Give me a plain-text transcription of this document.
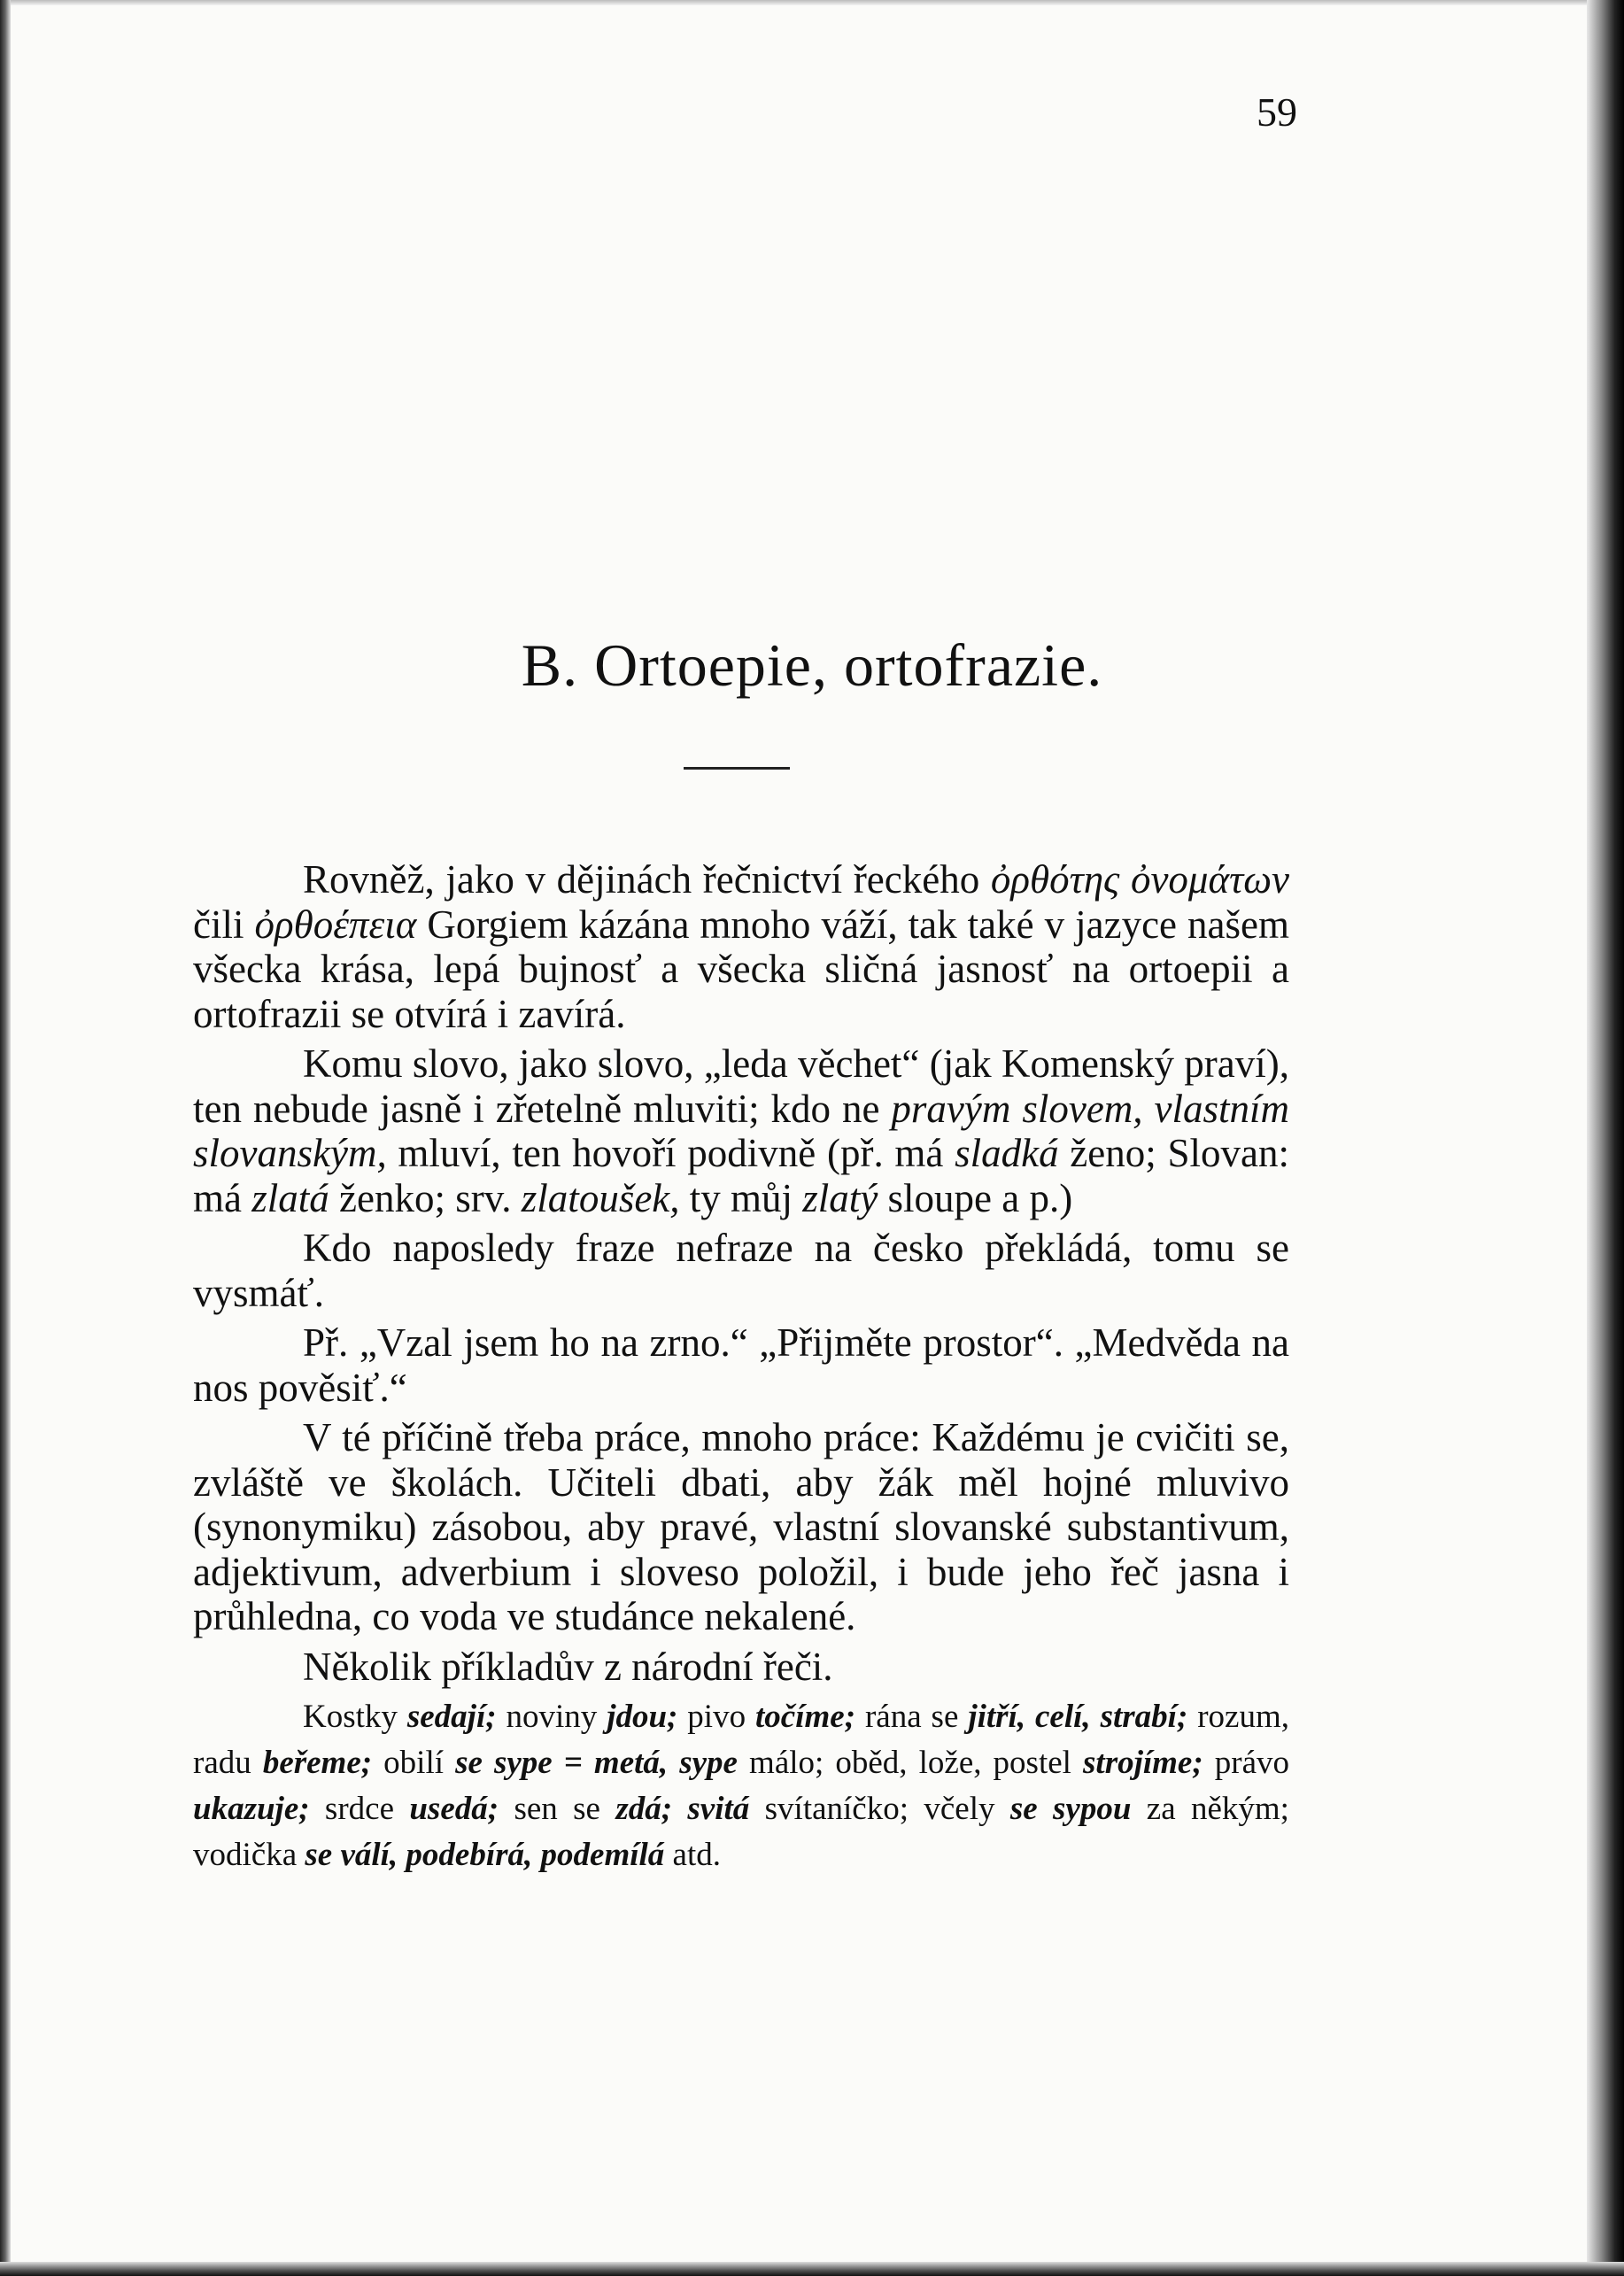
59
B. Ortoepie, ortofrazie.

Rovněž, jako v dějinách řečnictví řeckého ὀρθότης ὀνομάτων čili ὀρθοέπεια Gorgiem kázána mnoho váží, tak také v jazyce našem všecka krása, lepá bujnosť a všecka sličná jasnosť na ortoepii a ortofrazii se otvírá i zavírá.

Komu slovo, jako slovo, „leda věchet“ (jak Komenský praví), ten nebude jasně i zřetelně mluviti; kdo ne pravým slovem, vlastním slovanským, mluví, ten hovoří podivně (př. má sladká ženo; Slovan: má zlatá ženko; srv. zlatoušek, ty můj zlatý sloupe a p.)

Kdo naposledy fraze nefraze na česko překládá, tomu se vysmáť.

Př. „Vzal jsem ho na zrno.“ „Přijměte prostor“. „Medvěda na nos pověsiť.“

V té příčině třeba práce, mnoho práce: Každému je cvičiti se, zvláště ve školách. Učiteli dbati, aby žák měl hojné mluvivo (synonymiku) zásobou, aby pravé, vlastní slovanské substantivum, adjektivum, adverbium i sloveso položil, i bude jeho řeč jasna i průhledna, co voda ve studánce nekalené.

Několik příkladův z národní řeči.

Kostky sedají; noviny jdou; pivo točíme; rána se jitří, celí, strabí; rozum, radu beřeme; obilí se sype = metá, sype málo; oběd, lože, postel strojíme; právo ukazuje; srdce usedá; sen se zdá; svitá svítaníčko; včely se sypou za někým; vodička se válí, podebírá, podemílá atd.
